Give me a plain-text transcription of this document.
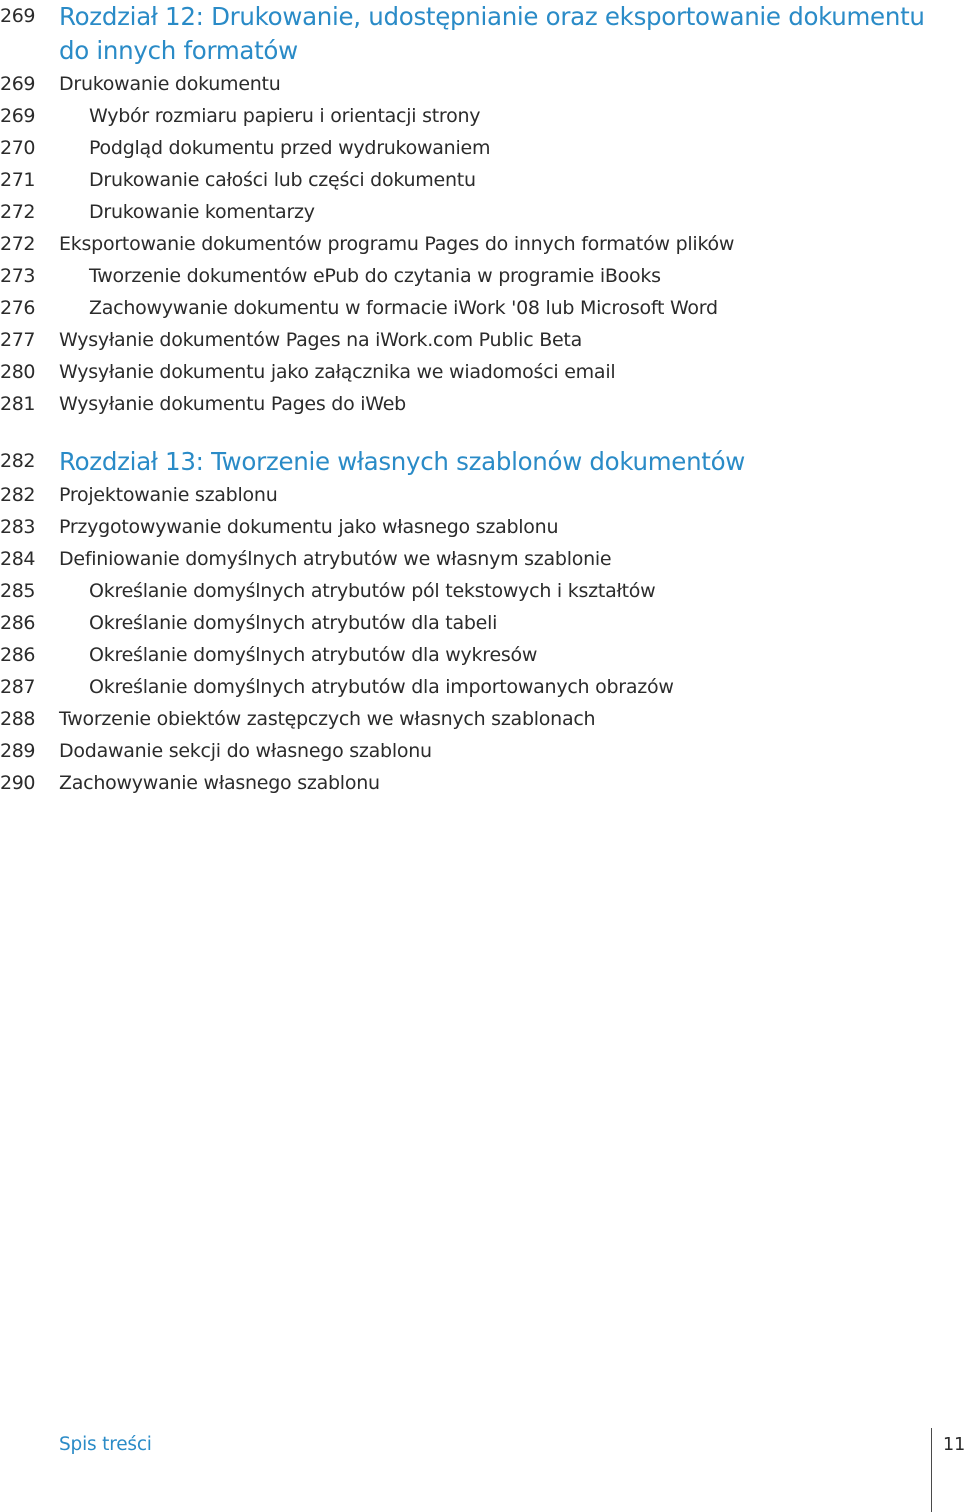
269 Rozdział 12: Drukowanie, udostępnianie oraz eksportowanie dokumentu do innych formatów
269	Drukowanie dokumentu
269	Wybór rozmiaru papieru i orientacji strony
270	Podgląd dokumentu przed wydrukowaniem
271	Drukowanie całości lub części dokumentu
272	Drukowanie komentarzy
272	Eksportowanie dokumentów programu Pages do innych formatów plików
273	Tworzenie dokumentów ePub do czytania w programie iBooks
276	Zachowywanie dokumentu w formacie iWork '08 lub Microsoft Word
277	Wysyłanie dokumentów Pages na iWork.com Public Beta
280	Wysyłanie dokumentu jako załącznika we wiadomości email
281	Wysyłanie dokumentu Pages do iWeb
282 Rozdział 13: Tworzenie własnych szablonów dokumentów
282	Projektowanie szablonu
283	Przygotowywanie dokumentu jako własnego szablonu
284	Definiowanie domyślnych atrybutów we własnym szablonie
285	Określanie domyślnych atrybutów pól tekstowych i kształtów
286	Określanie domyślnych atrybutów dla tabeli
286	Określanie domyślnych atrybutów dla wykresów
287	Określanie domyślnych atrybutów dla importowanych obrazów
288	Tworzenie obiektów zastępczych we własnych szablonach
289	Dodawanie sekcji do własnego szablonu
290	Zachowywanie własnego szablonu
Spis treści	11
